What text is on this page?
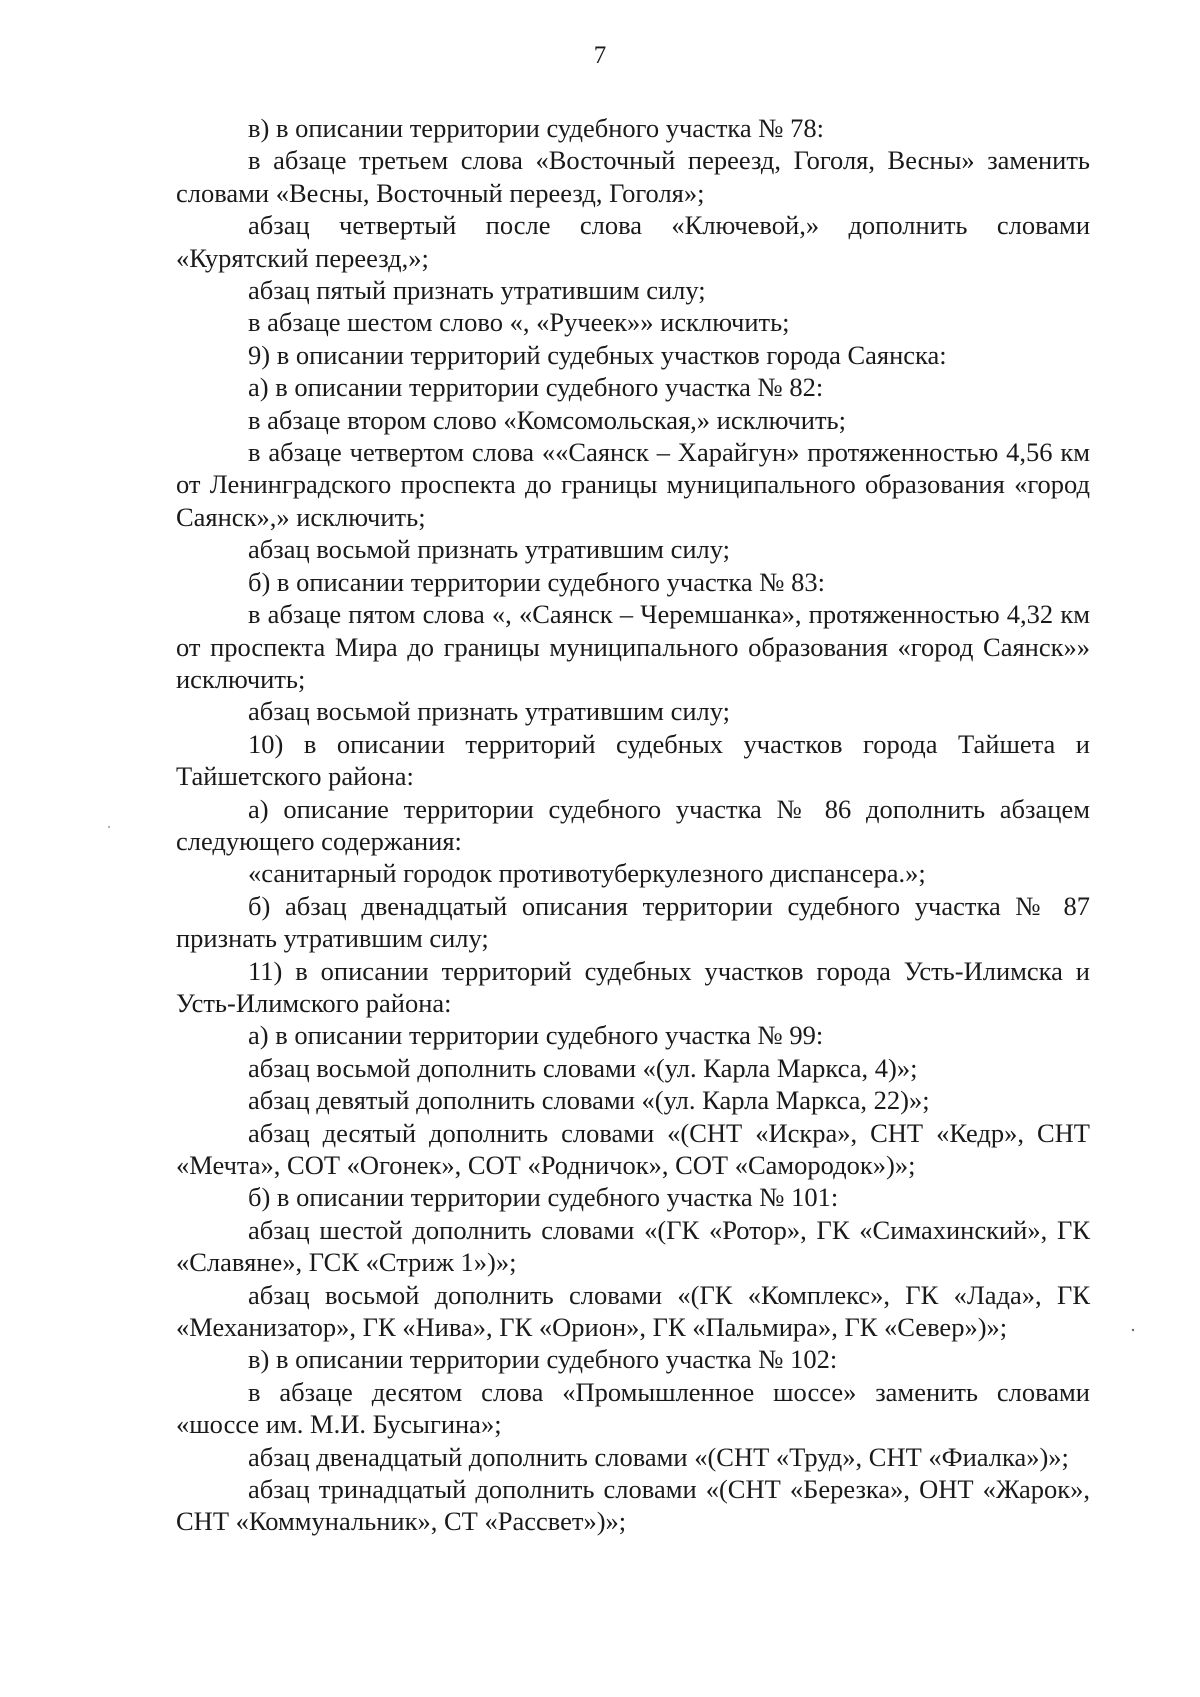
7

в) в описании территории судебного участка № 78:

в абзаце третьем слова «Восточный переезд, Гоголя, Весны» заменить словами «Весны, Восточный переезд, Гоголя»;

абзац четвертый после слова «Ключевой,» дополнить словами «Курятский переезд,»;

абзац пятый признать утратившим силу;

в абзаце шестом слово «, «Ручеек»» исключить;

9) в описании территорий судебных участков города Саянска:

а) в описании территории судебного участка № 82:

в абзаце втором слово «Комсомольская,» исключить;

в абзаце четвертом слова ««Саянск – Харайгун» протяженностью 4,56 км от Ленинградского проспекта до границы муниципального образования «город Саянск»,» исключить;

абзац восьмой признать утратившим силу;

б) в описании территории судебного участка № 83:

в абзаце пятом слова «, «Саянск – Черемшанка», протяженностью 4,32 км от проспекта Мира до границы муниципального образования «город Саянск»» исключить;

абзац восьмой признать утратившим силу;

10) в описании территорий судебных участков города Тайшета и Тайшетского района:

а) описание территории судебного участка № 86 дополнить абзацем следующего содержания:

«санитарный городок противотуберкулезного диспансера.»;

б) абзац двенадцатый описания территории судебного участка № 87 признать утратившим силу;

11) в описании территорий судебных участков города Усть-Илимска и Усть-Илимского района:

а) в описании территории судебного участка № 99:

абзац восьмой дополнить словами «(ул. Карла Маркса, 4)»;

абзац девятый дополнить словами «(ул. Карла Маркса, 22)»;

абзац десятый дополнить словами «(СНТ «Искра», СНТ «Кедр», СНТ «Мечта», СОТ «Огонек», СОТ «Родничок», СОТ «Самородок»)»;

б) в описании территории судебного участка № 101:

абзац шестой дополнить словами «(ГК «Ротор», ГК «Симахинский», ГК «Славяне», ГСК «Стриж 1»)»;

абзац восьмой дополнить словами «(ГК «Комплекс», ГК «Лада», ГК «Механизатор», ГК «Нива», ГК «Орион», ГК «Пальмира», ГК «Север»)»;

в) в описании территории судебного участка № 102:

в абзаце десятом слова «Промышленное шоссе» заменить словами «шоссе им. М.И. Бусыгина»;

абзац двенадцатый дополнить словами «(СНТ «Труд», СНТ «Фиалка»)»;

абзац тринадцатый дополнить словами «(СНТ «Березка», ОНТ «Жарок», СНТ «Коммунальник», СТ «Рассвет»)»;
